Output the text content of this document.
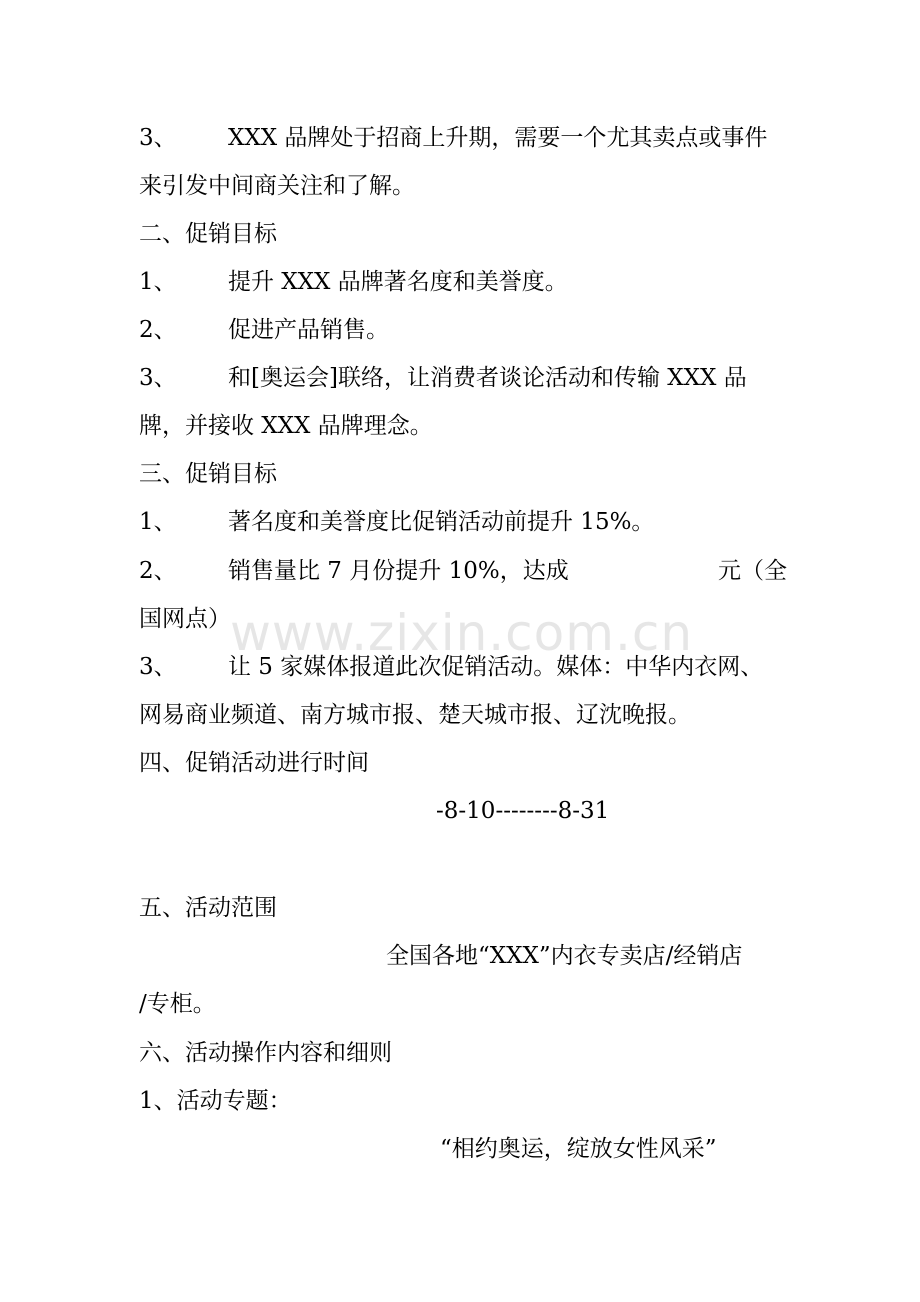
www.zixin.com.cn
3、 XXX 品牌处于招商上升期，需要一个尤其卖点或事件
来引发中间商关注和了解。
二、促销目标
1、 提升 XXX 品牌著名度和美誉度。
2、 促进产品销售。
3、 和[奥运会]联络，让消费者谈论活动和传输 XXX 品
牌，并接收 XXX 品牌理念。
三、促销目标
1、 著名度和美誉度比促销活动前提升 15%。
2、 销售量比 7 月份提升 10%，达成	元（全
国网点）
3、 让 5 家媒体报道此次促销活动。媒体：中华内衣网、
网易商业频道、南方城市报、楚天城市报、辽沈晚报。
四、促销活动进行时间
-8-10--------8-31
五、活动范围
全国各地“XXX”内衣专卖店/经销店
/专柜。
六、活动操作内容和细则
1、活动专题：
“相约奥运，绽放女性风采”
